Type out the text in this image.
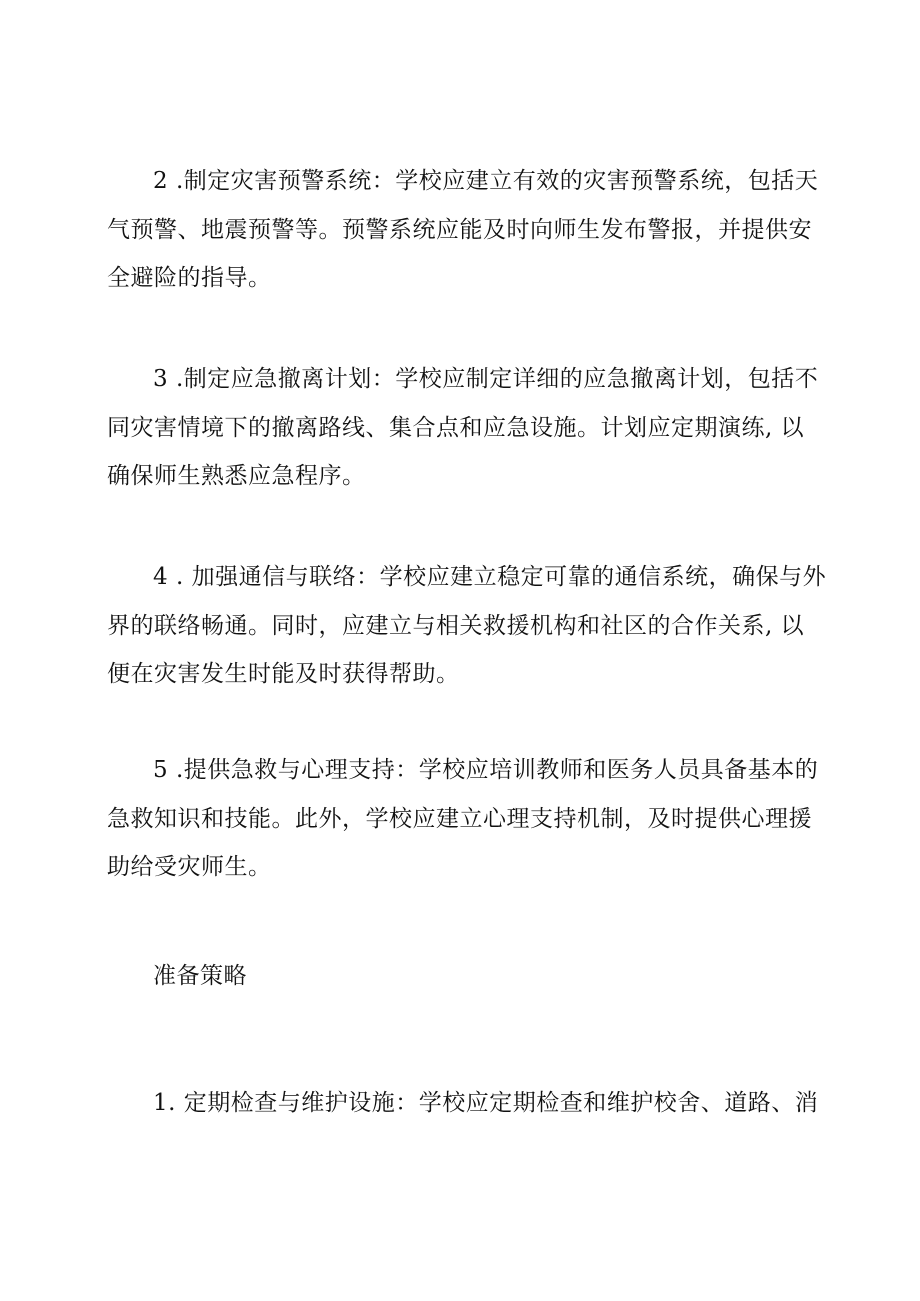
2 .制定灾害预警系统：学校应建立有效的灾害预警系统，包括天气预警、地震预警等。预警系统应能及时向师生发布警报，并提供安全避险的指导。

3 .制定应急撤离计划：学校应制定详细的应急撤离计划，包括不同灾害情境下的撤离路线、集合点和应急设施。计划应定期演练, 以确保师生熟悉应急程序。

4 . 加强通信与联络：学校应建立稳定可靠的通信系统，确保与外界的联络畅通。同时，应建立与相关救援机构和社区的合作关系, 以便在灾害发生时能及时获得帮助。

5 .提供急救与心理支持：学校应培训教师和医务人员具备基本的急救知识和技能。此外，学校应建立心理支持机制，及时提供心理援助给受灾师生。

准备策略

1. 定期检查与维护设施：学校应定期检查和维护校舍、道路、消
